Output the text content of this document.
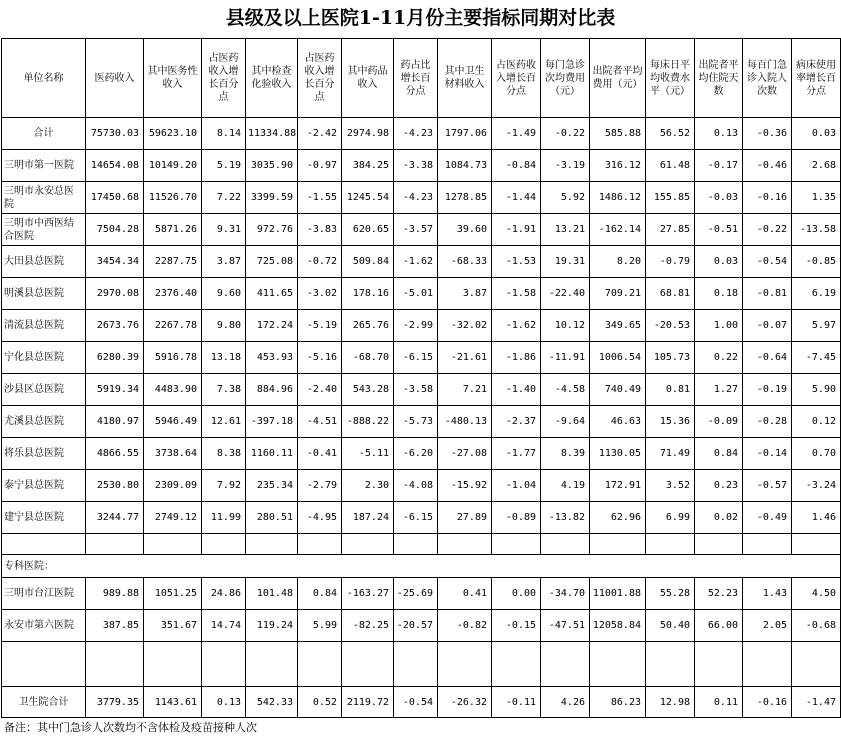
县级及以上医院1-11月份主要指标同期对比表
单位名称	医药收入	其中医务性收入	占医药收入增长百分点	其中检查化验收入	占医药收入增长百分点	其中药品收入	药占比增长百分点	其中卫生材料收入	占医药收入增长百分点	每门急诊次均费用（元）	出院者平均费用（元）	每床日平均收费水平（元）	出院者平均住院天数	每百门急诊入院人次数	病床使用率增长百分点
合计	75730.03	59623.10	8.14	11334.88	-2.42	2974.98	-4.23	1797.06	-1.49	-0.22	585.88	56.52	0.13	-0.36	0.03
三明市第一医院	14654.08	10149.20	5.19	3035.90	-0.97	384.25	-3.38	1084.73	-0.84	-3.19	316.12	61.48	-0.17	-0.46	2.68
三明市永安总医院	17450.68	11526.70	7.22	3399.59	-1.55	1245.54	-4.23	1278.85	-1.44	5.92	1486.12	155.85	-0.03	-0.16	1.35
三明市中西医结合医院	7504.28	5871.26	9.31	972.76	-3.83	620.65	-3.57	39.60	-1.91	13.21	-162.14	27.85	-0.51	-0.22	-13.58
大田县总医院	3454.34	2287.75	3.87	725.08	-0.72	509.84	-1.62	-68.33	-1.53	19.31	8.20	-0.79	0.03	-0.54	-0.85
明溪县总医院	2970.08	2376.40	9.60	411.65	-3.02	178.16	-5.01	3.87	-1.58	-22.40	709.21	68.81	0.18	-0.81	6.19
清流县总医院	2673.76	2267.78	9.80	172.24	-5.19	265.76	-2.99	-32.02	-1.62	10.12	349.65	-20.53	1.00	-0.07	5.97
宁化县总医院	6280.39	5916.78	13.18	453.93	-5.16	-68.70	-6.15	-21.61	-1.86	-11.91	1006.54	105.73	0.22	-0.64	-7.45
沙县区总医院	5919.34	4483.90	7.38	884.96	-2.40	543.28	-3.58	7.21	-1.40	-4.58	740.49	0.81	1.27	-0.19	5.90
尤溪县总医院	4180.97	5946.49	12.61	-397.18	-4.51	-888.22	-5.73	-480.13	-2.37	-9.64	46.63	15.36	-0.09	-0.28	0.12
将乐县总医院	4866.55	3738.64	8.38	1160.11	-0.41	-5.11	-6.20	-27.08	-1.77	8.39	1130.05	71.49	0.84	-0.14	0.70
泰宁县总医院	2530.80	2309.09	7.92	235.34	-2.79	2.30	-4.08	-15.92	-1.04	4.19	172.91	3.52	0.23	-0.57	-3.24
建宁县总医院	3244.77	2749.12	11.99	280.51	-4.95	187.24	-6.15	27.89	-0.89	-13.82	62.96	6.99	0.02	-0.49	1.46

专科医院：															
三明市台江医院	989.88	1051.25	24.86	101.48	0.84	-163.27	-25.69	0.41	0.00	-34.70	11001.88	55.28	52.23	1.43	4.50
永安市第六医院	387.85	351.67	14.74	119.24	5.99	-82.25	-20.57	-0.82	-0.15	-47.51	12058.84	50.40	66.00	2.05	-0.68

卫生院合计	3779.35	1143.61	0.13	542.33	0.52	2119.72	-0.54	-26.32	-0.11	4.26	86.23	12.98	0.11	-0.16	-1.47
备注：其中门急诊人次数均不含体检及疫苗接种人次
